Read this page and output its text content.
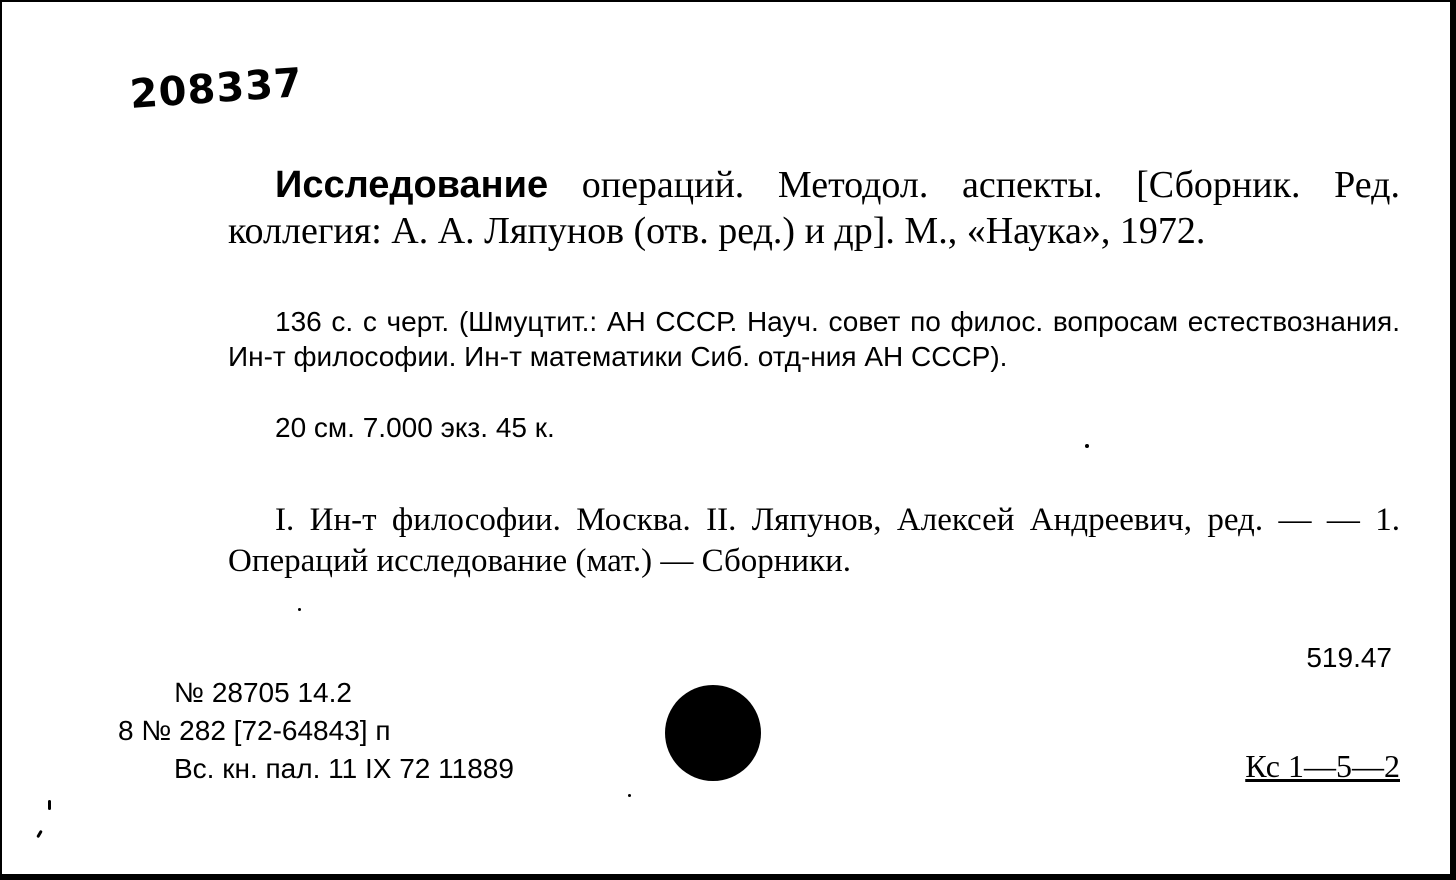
208337
Исследование операций. Методол. аспекты. [Сборник. Ред. коллегия: А. А. Ляпунов (отв. ред.) и др]. М., «Наука», 1972.
136 с. с черт. (Шмуцтит.: АН СССР. Науч. совет по филос. вопросам естествознания. Ин-т философии. Ин-т математики Сиб. отд-ния АН СССР).
20 см. 7.000 экз. 45 к.
I. Ин-т философии. Москва. II. Ляпунов, Алексей Андреевич, ред. — — 1. Операций исследование (мат.) — Сборники.
519.47
Кс 1—5—2
№ 28705 14.2
8 № 282 [72-64843] п
Вс. кн. пал. 11 IX 72 11889
